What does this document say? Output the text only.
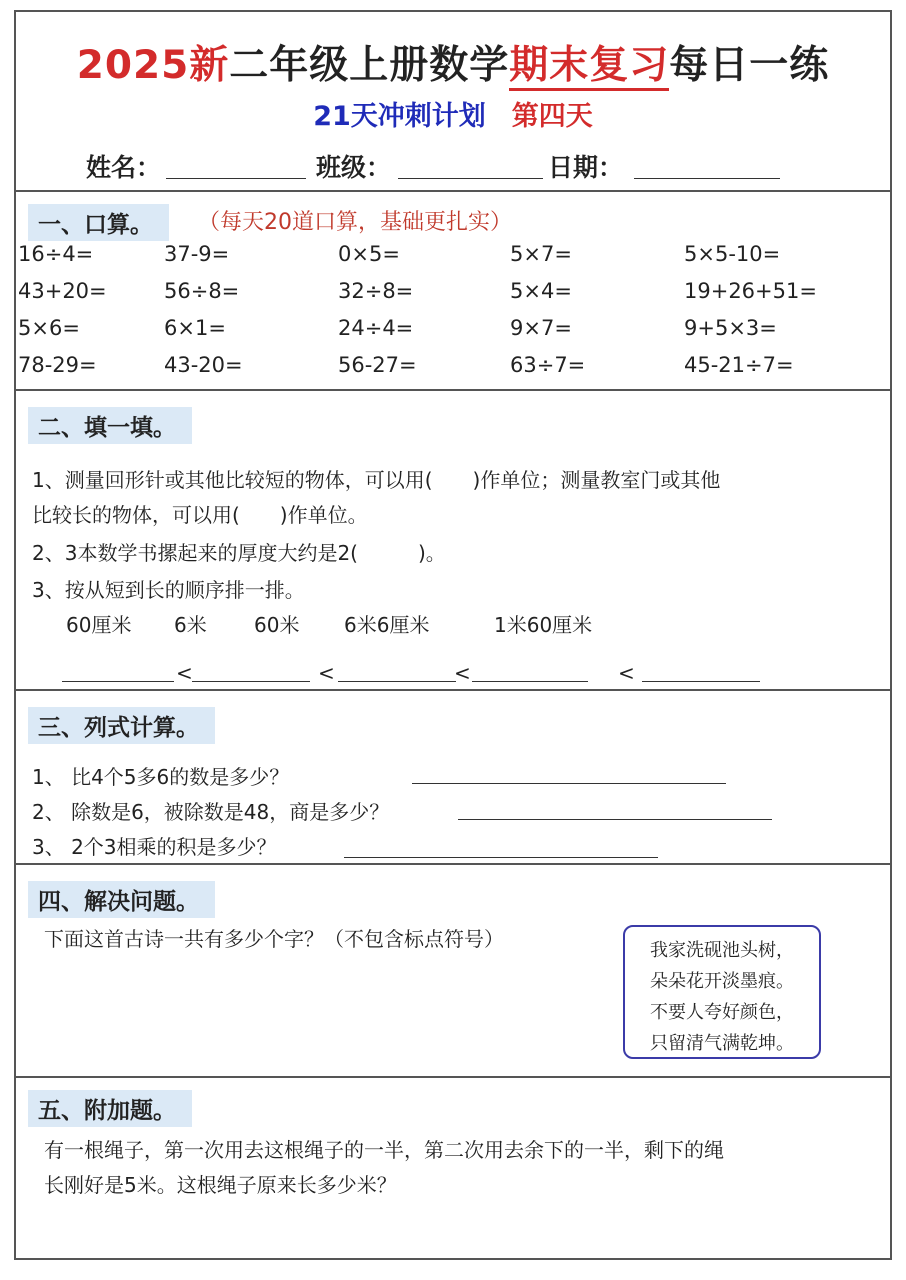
2025新二年级上册数学期末复习每日一练
21天冲刺计划 第四天
姓名：	班级：	日期：
一、口算。	（每天20道口算，基础更扎实）
16÷4=	37-9=	0×5=	5×7=	5×5-10=
43+20=	56÷8=	32÷8=	5×4=	19+26+51=
5×6=	6×1=	24÷4=	9×7=	9+5×3=
78-29=	43-20=	56-27=	63÷7=	45-21÷7=
二、填一填。
1、测量回形针或其他比较短的物体，可以用(　　)作单位；测量教室门或其他
比较长的物体，可以用(　　)作单位。
2、3本数学书摞起来的厚度大约是2(　　　)。
3、按从短到长的顺序排一排。
60厘米 6米 60米 6米6厘米	1米60厘米
<	<	<	<
三、列式计算。
1、 比4个5多6的数是多少？
2、 除数是6，被除数是48，商是多少？
3、 2个3相乘的积是多少？
四、解决问题。
下面这首古诗一共有多少个字？（不包含标点符号）	我家洗砚池头树，
朵朵花开淡墨痕。
不要人夸好颜色，
只留清气满乾坤。
五、附加题。
有一根绳子，第一次用去这根绳子的一半，第二次用去余下的一半，剩下的绳
长刚好是5米。这根绳子原来长多少米？
